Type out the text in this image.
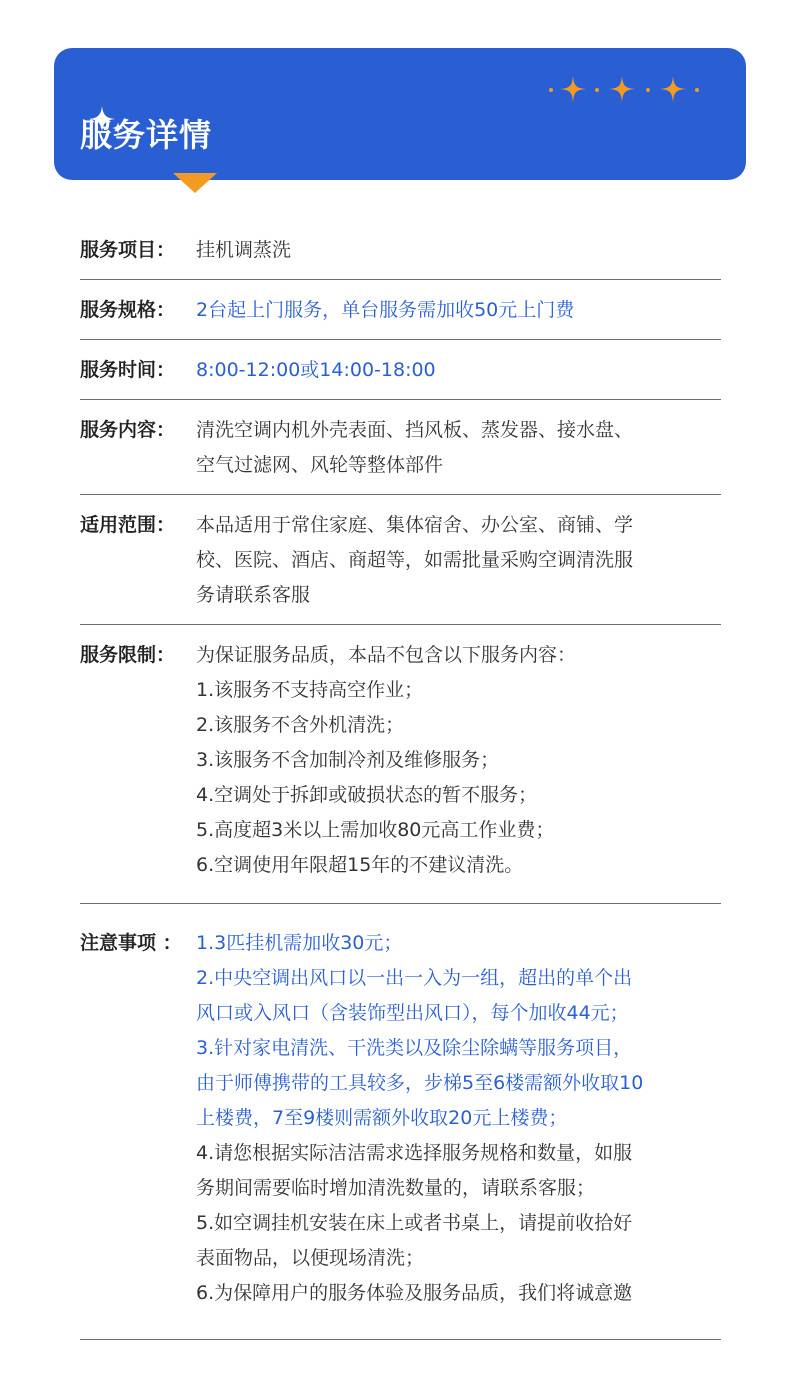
服务详情
服务项目：	挂机调蒸洗
服务规格：	2台起上门服务，单台服务需加收50元上门费
服务时间：	8:00-12:00或14:00-18:00
服务内容：	清洗空调内机外壳表面、挡风板、蒸发器、接水盘、
空气过滤网、风轮等整体部件
适用范围：	本品适用于常住家庭、集体宿舍、办公室、商铺、学
校、医院、酒店、商超等，如需批量采购空调清洗服
务请联系客服
服务限制：	为保证服务品质，本品不包含以下服务内容：
1.该服务不支持高空作业；
2.该服务不含外机清洗；
3.该服务不含加制冷剂及维修服务；
4.空调处于拆卸或破损状态的暂不服务；
5.高度超3米以上需加收80元高工作业费；
6.空调使用年限超15年的不建议清洗。
注意事项 ： 1.3匹挂机需加收30元；
2.中央空调出风口以一出一入为一组，超出的单个出
风口或入风口（含装饰型出风口），每个加收44元；
3.针对家电清洗、干洗类以及除尘除螨等服务项目，
由于师傅携带的工具较多，步梯5至6楼需额外收取10
上楼费，7至9楼则需额外收取20元上楼费；
4.请您根据实际洁洁需求选择服务规格和数量，如服
务期间需要临时增加清洗数量的，请联系客服；
5.如空调挂机安装在床上或者书桌上，请提前收拾好
表面物品，以便现场清洗；
6.为保障用户的服务体验及服务品质，我们将诚意邀
